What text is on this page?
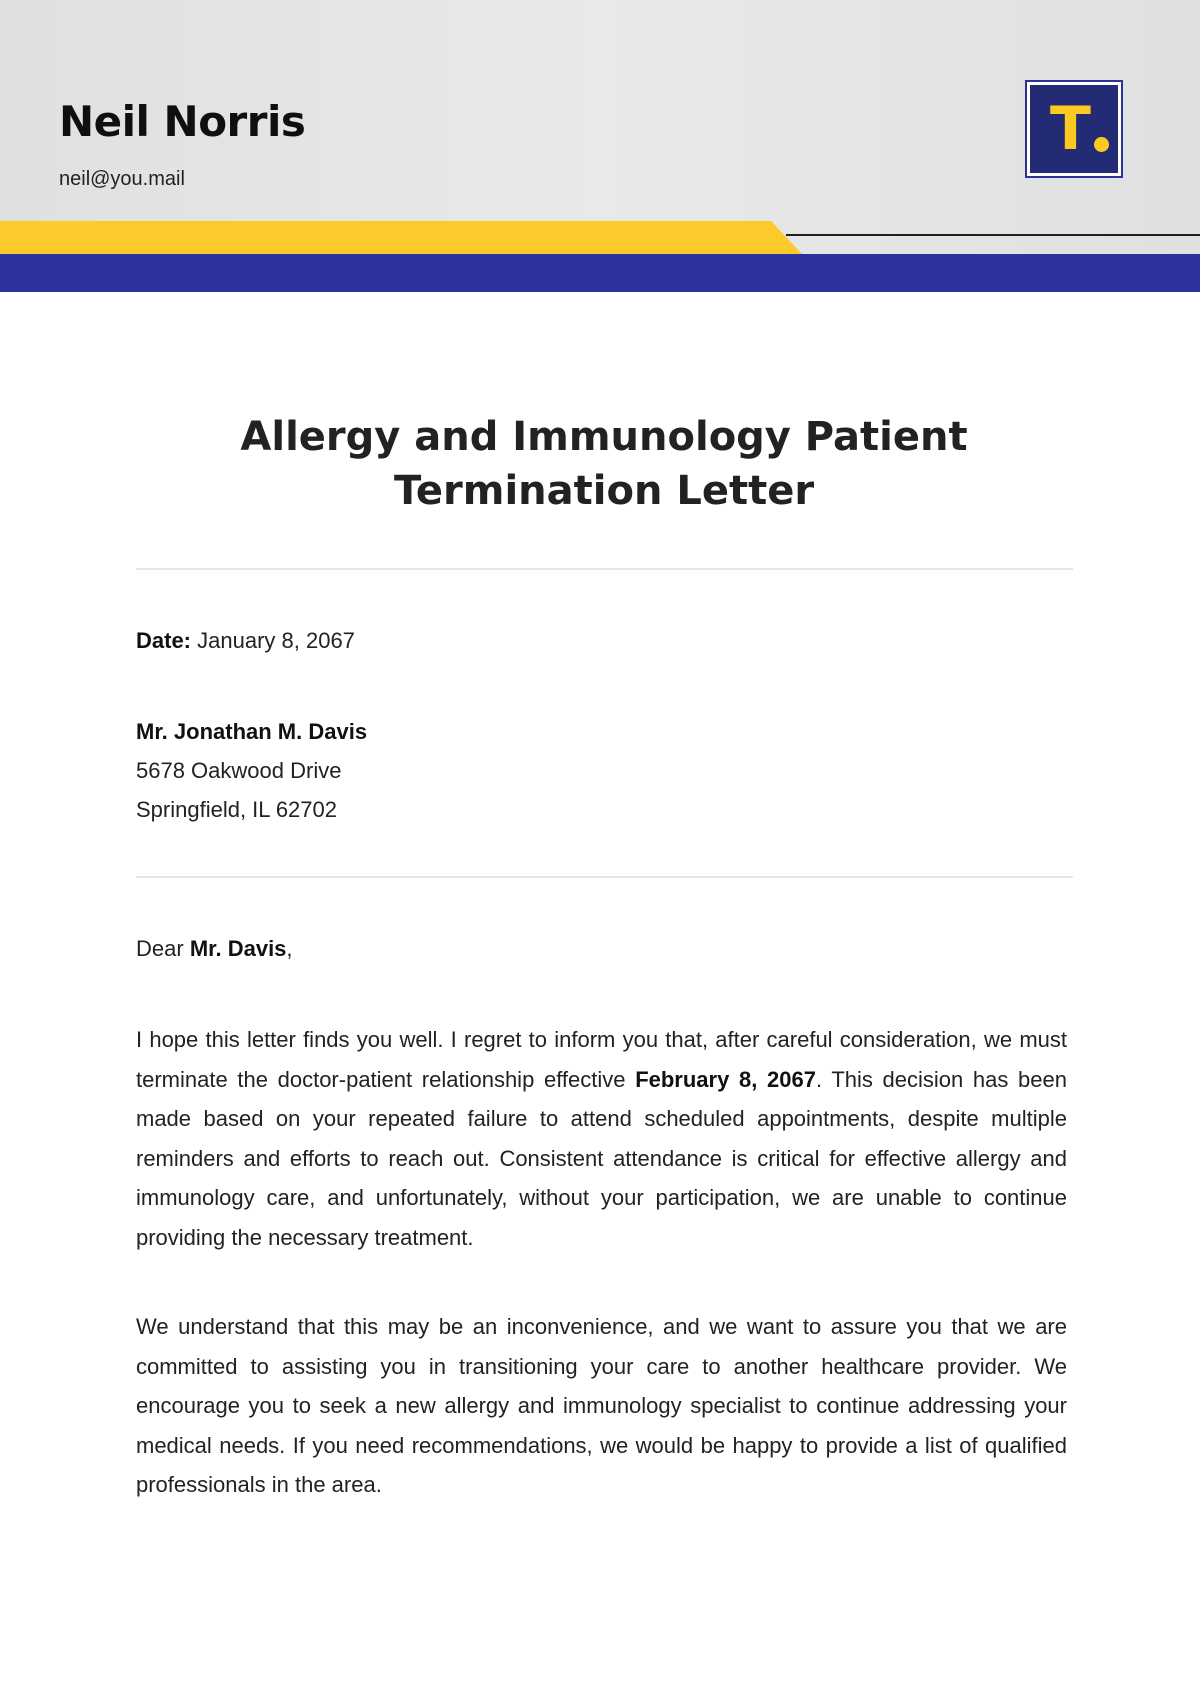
Neil Norris
neil@you.mail
T
Allergy and Immunology Patient Termination Letter
Date: January 8, 2067
Mr. Jonathan M. Davis
5678 Oakwood Drive
Springfield, IL 62702
Dear Mr. Davis,

I hope this letter finds you well. I regret to inform you that, after careful consideration, we must terminate the doctor-patient relationship effective February 8, 2067. This decision has been made based on your repeated failure to attend scheduled appointments, despite multiple reminders and efforts to reach out. Consistent attendance is critical for effective allergy and immunology care, and unfortunately, without your participation, we are unable to continue providing the necessary treatment.

We understand that this may be an inconvenience, and we want to assure you that we are committed to assisting you in transitioning your care to another healthcare provider. We encourage you to seek a new allergy and immunology specialist to continue addressing your medical needs. If you need recommendations, we would be happy to provide a list of qualified professionals in the area.
